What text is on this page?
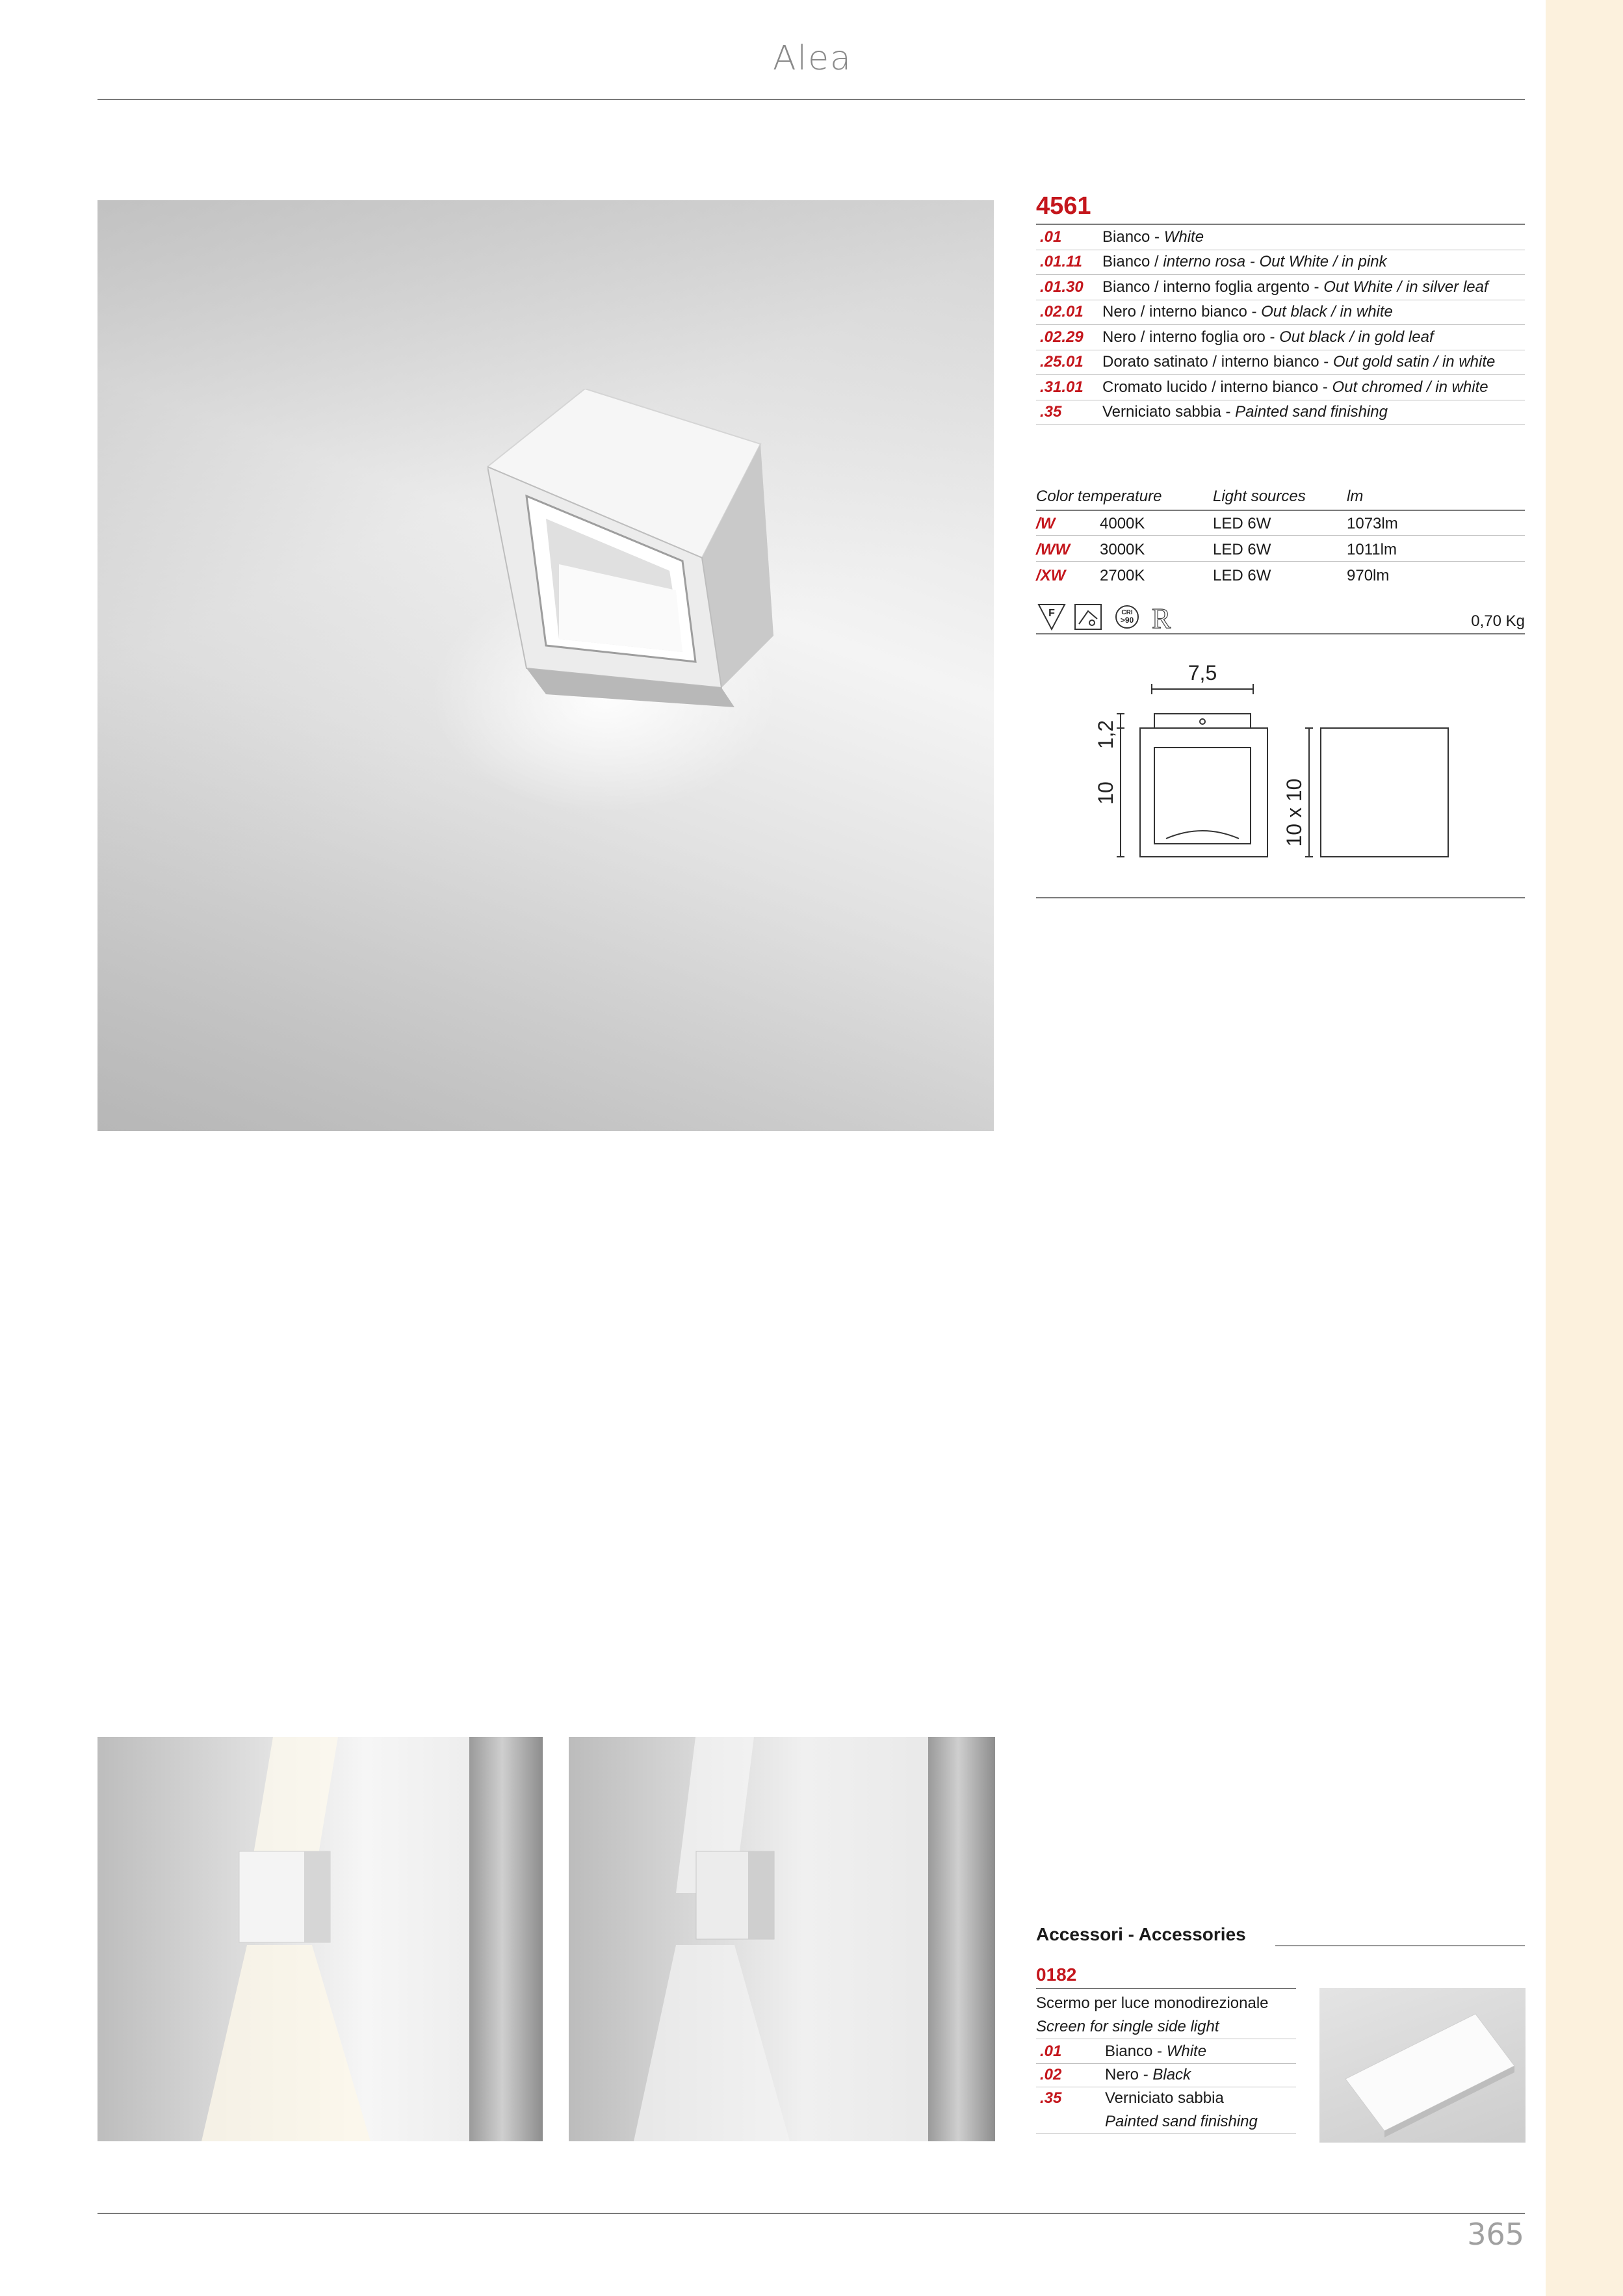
Alea
4561
.01	Bianco - White
.01.11	Bianco / interno rosa - Out White / in pink
.01.30	Bianco / interno foglia argento - Out White / in silver leaf
.02.01	Nero / interno bianco - Out black / in white
.02.29	Nero / interno foglia oro - Out black / in gold leaf
.25.01	Dorato satinato / interno bianco - Out gold satin / in white
.31.01	Cromato lucido / interno bianco - Out chromed / in white
.35	Verniciato sabbia - Painted sand finishing
Color temperature	Light sources	lm
/W	4000K	LED 6W	1073lm
/WW 3000K	LED 6W	1011lm
/XW 2700K	LED 6W	970lm
F	CRI
>90 R	0,70 Kg
7,5
1,2
10	10 x 10
Accessori - Accessories
0182
Scermo per luce monodirezionale
Screen for single side light
.01	Bianco - White
.02	Nero - Black
.35	Verniciato sabbia
Painted sand finishing
365
